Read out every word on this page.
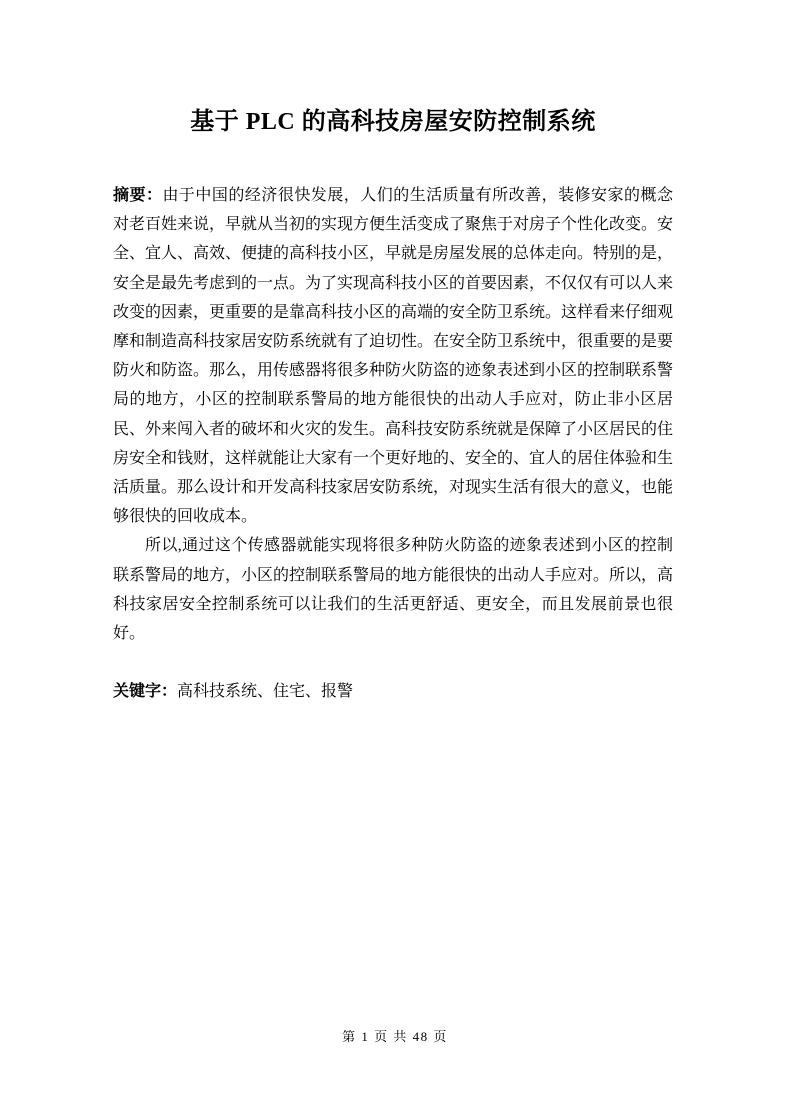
基于 PLC 的高科技房屋安防控制系统

摘要：由于中国的经济很快发展，人们的生活质量有所改善，装修安家的概念对老百姓来说，早就从当初的实现方便生活变成了聚焦于对房子个性化改变。安全、宜人、高效、便捷的高科技小区，早就是房屋发展的总体走向。特别的是，安全是最先考虑到的一点。为了实现高科技小区的首要因素，不仅仅有可以人来改变的因素，更重要的是靠高科技小区的高端的安全防卫系统。这样看来仔细观摩和制造高科技家居安防系统就有了迫切性。在安全防卫系统中，很重要的是要防火和防盗。那么，用传感器将很多种防火防盗的迹象表述到小区的控制联系警局的地方，小区的控制联系警局的地方能很快的出动人手应对，防止非小区居民、外来闯入者的破坏和火灾的发生。高科技安防系统就是保障了小区居民的住房安全和钱财，这样就能让大家有一个更好地的、安全的、宜人的居住体验和生活质量。那么设计和开发高科技家居安防系统，对现实生活有很大的意义，也能够很快的回收成本。

所以,通过这个传感器就能实现将很多种防火防盗的迹象表述到小区的控制联系警局的地方，小区的控制联系警局的地方能很快的出动人手应对。所以，高科技家居安全控制系统可以让我们的生活更舒适、更安全，而且发展前景也很好。

关键字：高科技系统、住宅、报警

第 1 页 共 48 页
